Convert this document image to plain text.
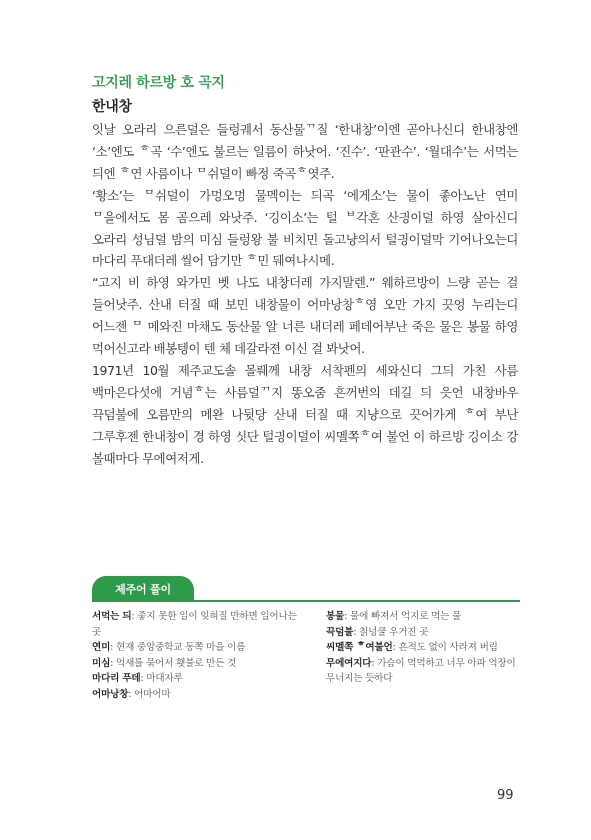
고지레 하르방 호 곡지
한내창

잇날 오라리 으른덜은 들렁궤서 동산물ᄁ질 ‘한내창’이엔 곧아나신디 한내창엔 ‘소’엔도 ᄒ곡 ‘수’엔도 불르는 일름이 하낫어. ‘진수’. ‘판관수’. ‘월대수’는 서먹는 듸엔 ᄒ연 사름이나 ᄆ쉬덜이 빠정 죽곡ᄒ엿주.

‘황소’는 ᄆ쉬덜이 가멍오멍 물멕이는 듸곡 ‘에게소’는 물이 좋아노난 연미 ᄆ을에서도 몸 곰으레 와낫주. ‘깅이소’는 털 ᄇ각혼 산긩이덜 하영 살아신디 오라리 성님덜 밤의 미심 들렁왕 불 비치민 돌고냥의서 털긩이덜막 기어나오는디 마다리 푸대더레 씰어 담기만 ᄒ민 뒈여나시메.

“고지 비 하영 와가민 벳 나도 내창더레 가지말렌.” 웨하르방이 느량 곧는 걸 들어낫주. 산내 터질 때 보민 내창물이 어마낭창ᄒ영 오만 가지 끗엉 누리는디 어느젠 ᄆ 메와진 마채도 동산물 알 너른 내더레 페데어부난 죽은 물은 봉물 하영 먹어신고라 배봉텡이 텐 체 데갈라젼 이신 걸 봐낫어.

1971년 10월 제주교도솔 몰뤠께 내창 서착펜의 세와신디 그듸 가친 사름 백마은다섯에 거념ᄒ는 사름덜ᄁ지 똥오줌 흔꺼번의 데길 듸 읏언 내창바우 끅덤불에 오름만의 메완 나뒷당 산내 터질 때 지냥으로 끗어가게 ᄒ여 부난 그루후젠 한내창이 경 하영 싯단 털긩이덜이 씨멜쪽ᄒ여 불언 이 하르방 깅이소 강 볼때마다 무에여저게.

제주어 풀이
서먹는 듸: 좋지 못한 일이 잊혀질 만하면 일어나는 곳
연미: 현재 중앙중학교 동쪽 마을 이름
미심: 억새를 묶어서 횃불로 만든 것
마다리 푸데: 마대자루
어마낭창: 어마어마
봉물: 물에 빠져서 억지로 먹는 물
끅덤불: 칡넝쿨 우거진 곳
씨멜쪽 ᄒ여불언: 흔적도 없이 사라져 버림
무에여지다: 가슴이 먹먹하고 너무 아파 억장이 무너지는 듯하다
99
